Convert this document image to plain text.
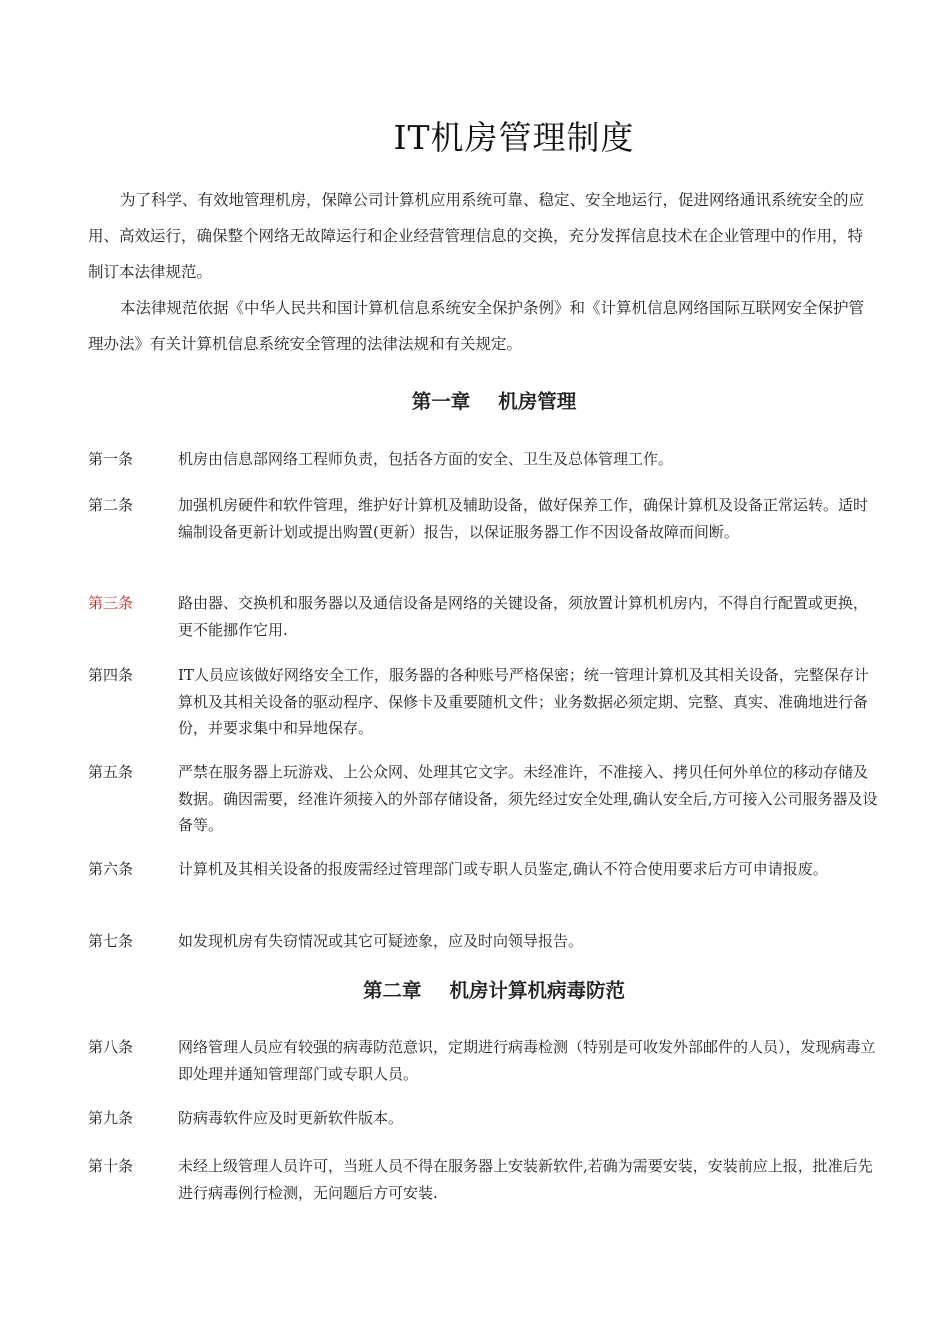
IT机房管理制度

为了科学、有效地管理机房，保障公司计算机应用系统可靠、稳定、安全地运行，促进网络通讯系统安全的应用、高效运行，确保整个网络无故障运行和企业经营管理信息的交换，充分发挥信息技术在企业管理中的作用，特制订本法律规范。

本法律规范依据《中华人民共和国计算机信息系统安全保护条例》和《计算机信息网络国际互联网安全保护管理办法》有关计算机信息系统安全管理的法律法规和有关规定。

第一章 机房管理
第一条	机房由信息部网络工程师负责，包括各方面的安全、卫生及总体管理工作。
第二条	加强机房硬件和软件管理，维护好计算机及辅助设备，做好保养工作，确保计算机及设备正常运转。适时编制设备更新计划或提出购置(更新）报告，以保证服务器工作不因设备故障而间断。
第三条	路由器、交换机和服务器以及通信设备是网络的关键设备，须放置计算机机房内，不得自行配置或更换，更不能挪作它用.
第四条	IT人员应该做好网络安全工作，服务器的各种账号严格保密；统一管理计算机及其相关设备，完整保存计算机及其相关设备的驱动程序、保修卡及重要随机文件；业务数据必须定期、完整、真实、准确地进行备份，并要求集中和异地保存。
第五条	严禁在服务器上玩游戏、上公众网、处理其它文字。未经准许，不准接入、拷贝任何外单位的移动存储及数据。确因需要，经准许须接入的外部存储设备，须先经过安全处理,确认安全后,方可接入公司服务器及设备等。
第六条	计算机及其相关设备的报废需经过管理部门或专职人员鉴定,确认不符合使用要求后方可申请报废。
第七条	如发现机房有失窃情况或其它可疑迹象，应及时向领导报告。
第二章 机房计算机病毒防范
第八条	网络管理人员应有较强的病毒防范意识，定期进行病毒检测（特别是可收发外部邮件的人员），发现病毒立即处理并通知管理部门或专职人员。
第九条	防病毒软件应及时更新软件版本。
第十条	未经上级管理人员许可，当班人员不得在服务器上安装新软件,若确为需要安装，安装前应上报，批准后先进行病毒例行检测，无问题后方可安装.
